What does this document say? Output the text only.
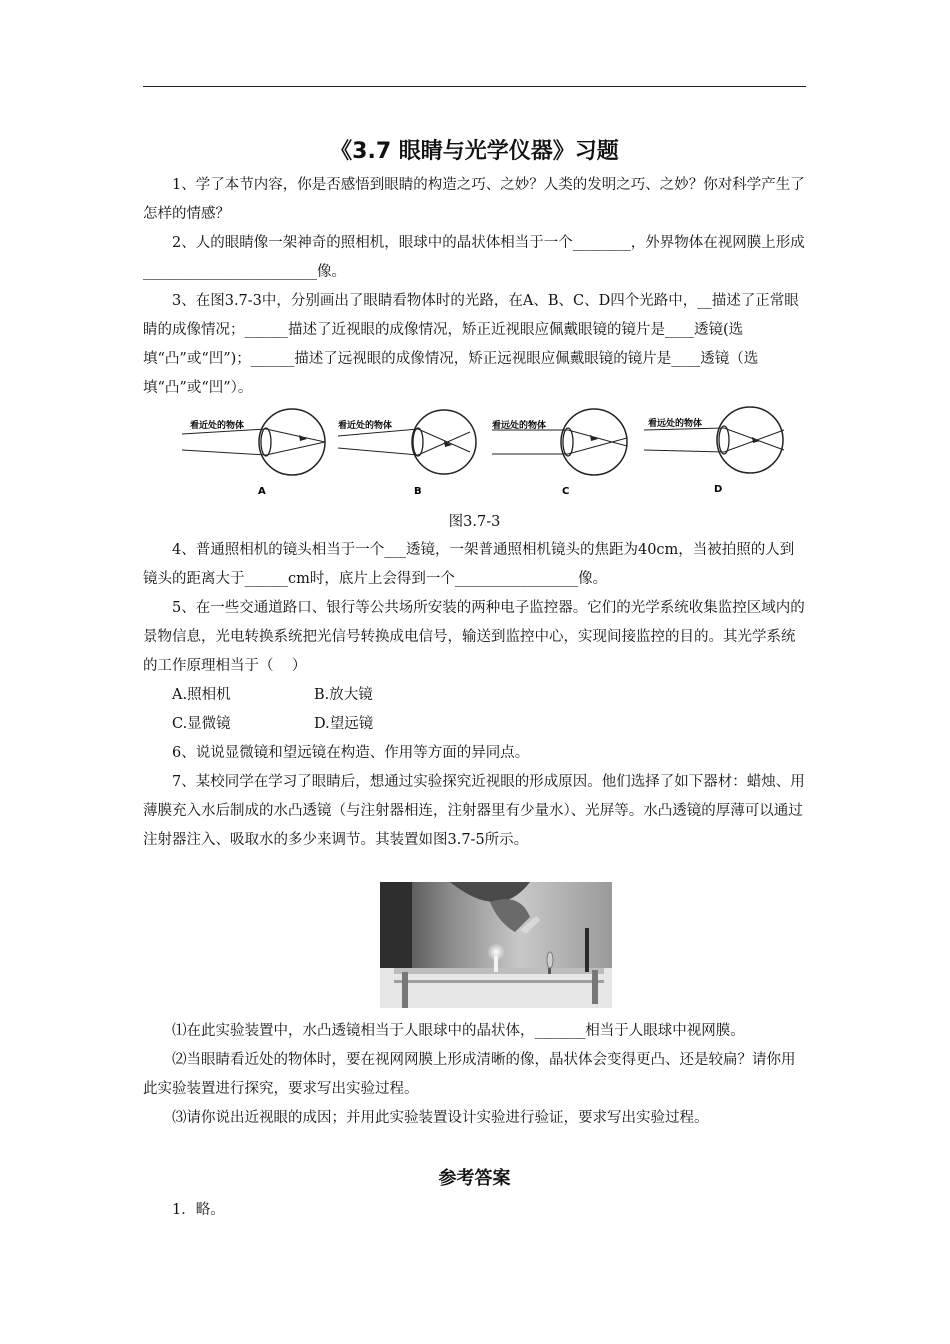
《3.7 眼睛与光学仪器》习题

1、学了本节内容，你是否感悟到眼睛的构造之巧、之妙？人类的发明之巧、之妙？你对科学产生了怎样的情感？

2、人的眼睛像一架神奇的照相机，眼球中的晶状体相当于一个________，外界物体在视网膜上形成________________________像。

3、在图3.7-3中，分别画出了眼睛看物体时的光路，在A、B、C、D四个光路中，__描述了正常眼睛的成像情况；______描述了近视眼的成像情况，矫正近视眼应佩戴眼镜的镜片是____透镜(选填“凸”或“凹”)；______描述了远视眼的成像情况，矫正远视眼应佩戴眼镜的镜片是____透镜（选填“凸”或“凹”）。

看近处的物体
A
看近处的物体
B
看远处的物体
C
看远处的物体
D
图3.7-3

4、普通照相机的镜头相当于一个___透镜，一架普通照相机镜头的焦距为40cm，当被拍照的人到镜头的距离大于______cm时，底片上会得到一个_________________像。

5、在一些交通道路口、银行等公共场所安装的两种电子监控器。它们的光学系统收集监控区域内的景物信息，光电转换系统把光信号转换成电信号，输送到监控中心，实现间接监控的目的。其光学系统的工作原理相当于（    ）

A.照相机	B.放大镜

C.显微镜	D.望远镜

6、说说显微镜和望远镜在构造、作用等方面的异同点。

7、某校同学在学习了眼睛后，想通过实验探究近视眼的形成原因。他们选择了如下器材：蜡烛、用薄膜充入水后制成的水凸透镜（与注射器相连，注射器里有少量水）、光屏等。水凸透镜的厚薄可以通过注射器注入、吸取水的多少来调节。其装置如图3.7-5所示。

⑴在此实验装置中，水凸透镜相当于人眼球中的晶状体，_______相当于人眼球中视网膜。

⑵当眼睛看近处的物体时，要在视网网膜上形成清晰的像，晶状体会变得更凸、还是较扁？请你用此实验装置进行探究，要求写出实验过程。

⑶请你说出近视眼的成因；并用此实验装置设计实验进行验证，要求写出实验过程。

参考答案

1．略。
